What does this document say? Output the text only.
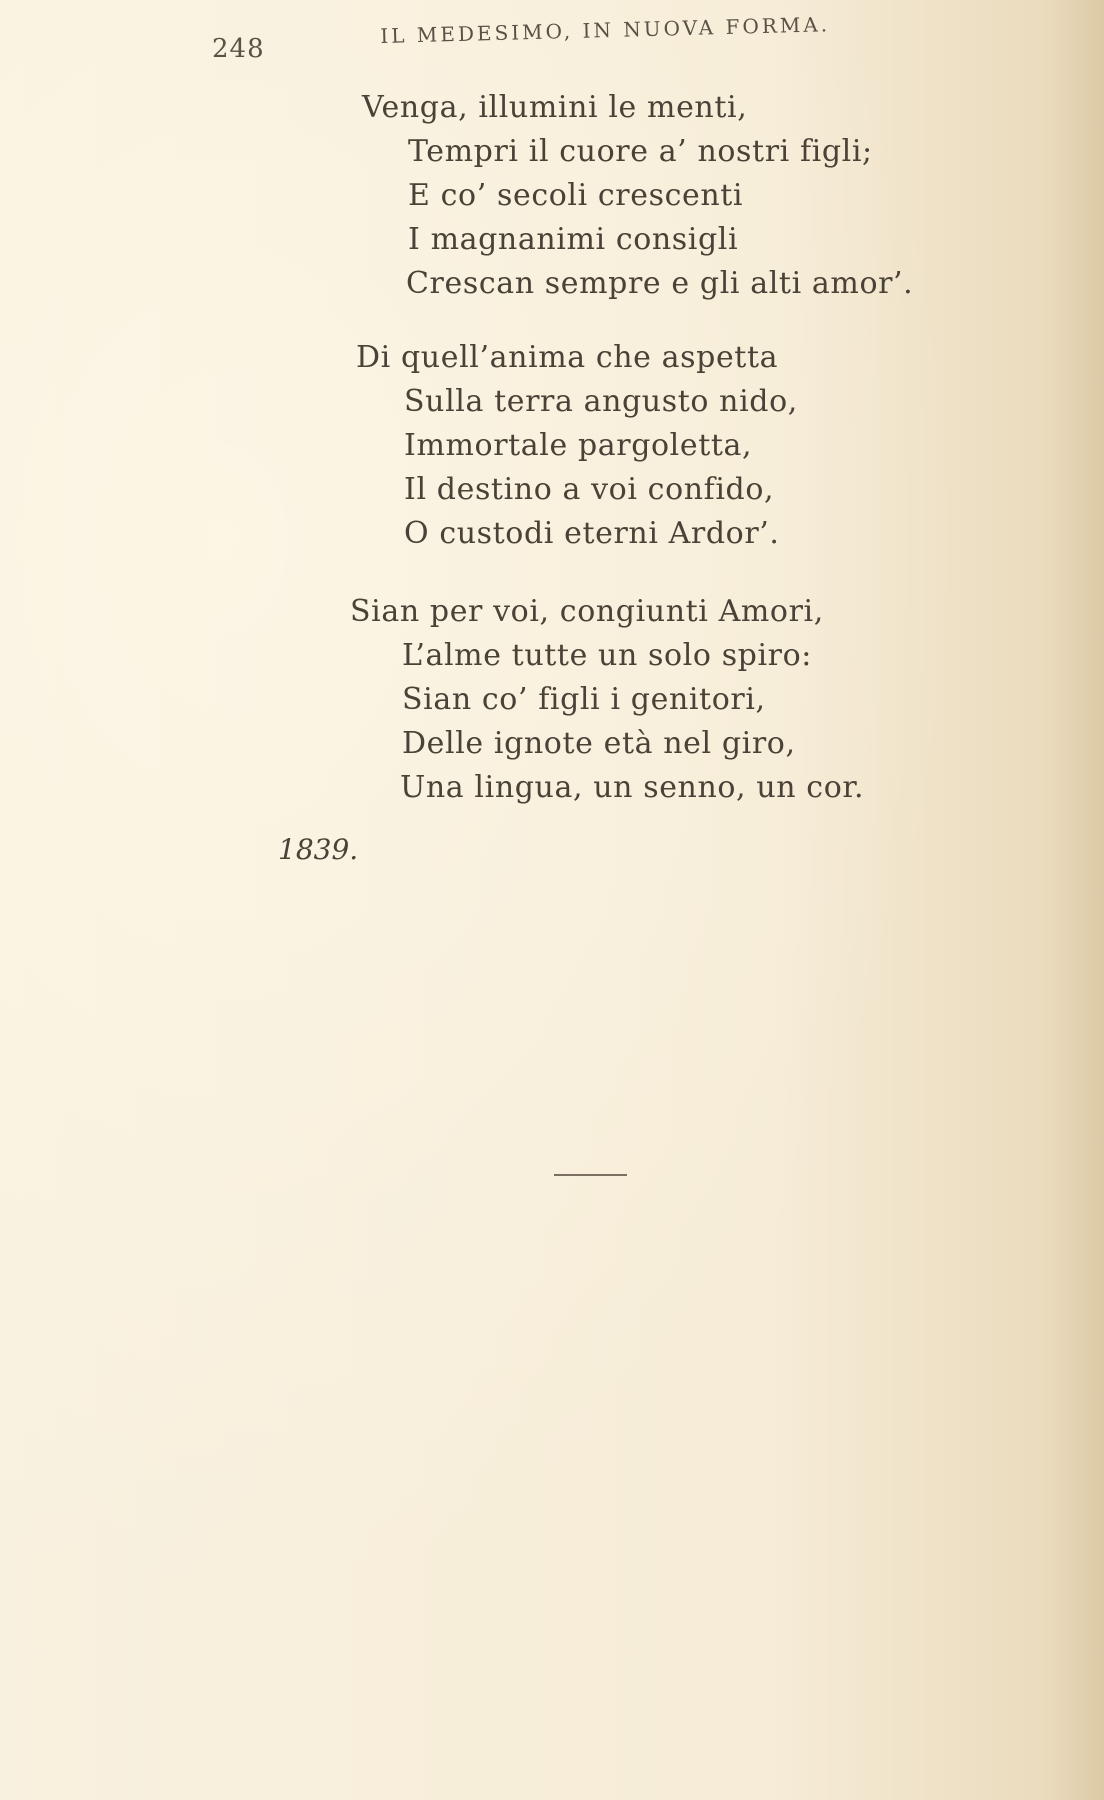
248
IL MEDESIMO, IN NUOVA FORMA.
Venga, illumini le menti,
Tempri il cuore a’ nostri figli;
E co’ secoli crescenti
I magnanimi consigli
Crescan sempre e gli alti amor’.
Di quell’anima che aspetta
Sulla terra angusto nido,
Immortale pargoletta,
Il destino a voi confido,
O custodi eterni Ardor’.
Sian per voi, congiunti Amori,
L’alme tutte un solo spiro:
Sian co’ figli i genitori,
Delle ignote età nel giro,
Una lingua, un senno, un cor.
1839.
